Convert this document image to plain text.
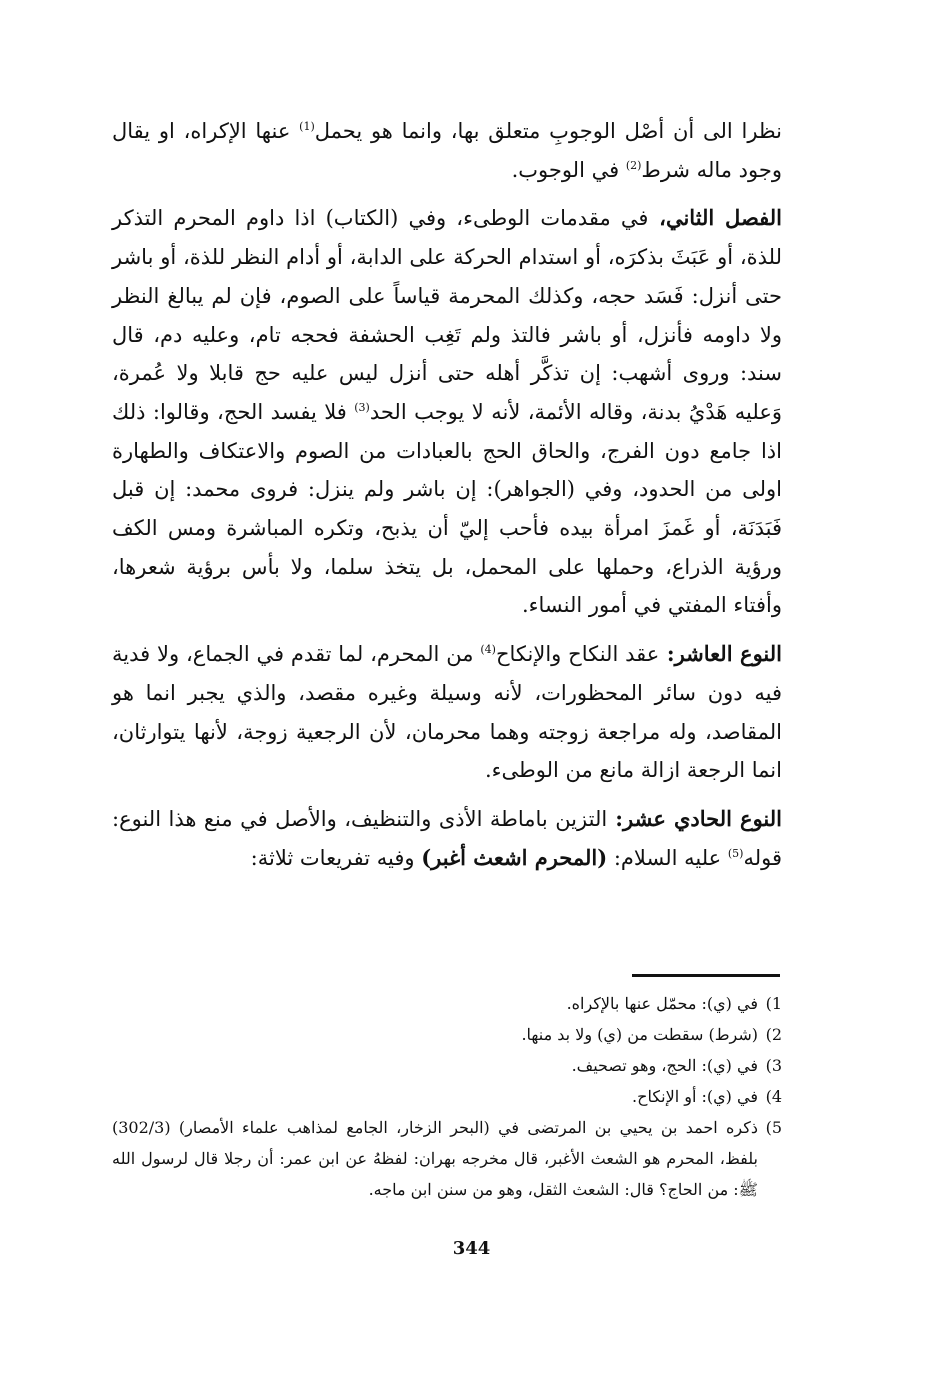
نظرا الى أن أصْل الوجوبِ متعلق بها، وانما هو يحمل$^{(1)}$ عنها الإكراه، او يقال وجود ماله شرط$^{(2)}$ في الوجوب.

الفصل الثاني، في مقدمات الوطىء، وفي (الكتاب) اذا داوم المحرم التذكر للذة، أو عَبَثَ بذكرَه، أو استدام الحركة على الدابة، أو أدام النظر للذة، أو باشر حتى أنزل: فَسَد حجه، وكذلك المحرمة قياساً على الصوم، فإن لم يبالغ النظر ولا داومه فأنزل، أو باشر فالتذ ولم تَغِب الحشفة فحجه تام، وعليه دم، قال سند: وروى أشهب: إن تذكَّر أهله حتى أنزل ليس عليه حج قابلا ولا عُمرة، وَعليه هَدْيُ بدنة، وقاله الأئمة، لأنه لا يوجب الحد$^{(3)}$ فلا يفسد الحج، وقالوا: ذلك اذا جامع دون الفرج، والحاق الحج بالعبادات من الصوم والاعتكاف والطهارة اولى من الحدود، وفي (الجواهر): إن باشر ولم ينزل: فروى محمد: إن قبل فَبَدَنَة، أو غَمزَ امرأة بيده فأحب إليّ أن يذبح، وتكره المباشرة ومس الكف ورؤية الذراع، وحملها على المحمل، بل يتخذ سلما، ولا بأس برؤية شعرها، وأفتاء المفتي في أمور النساء.

النوع العاشر: عقد النكاح والإنكاح$^{(4)}$ من المحرم، لما تقدم في الجماع، ولا فدية فيه دون سائر المحظورات، لأنه وسيلة وغيره مقصد، والذي يجبر انما هو المقاصد، وله مراجعة زوجته وهما محرمان، لأن الرجعية زوجة، لأنها يتوارثان، انما الرجعة ازالة مانع من الوطىء.

النوع الحادي عشر: التزين باماطة الأذى والتنظيف، والأصل في منع هذا النوع: قوله$^{(5)}$ عليه السلام: (المحرم اشعث أغبر) وفيه تفريعات ثلاثة:

1)
في (ي): محمّل عنها بالإكراه.
2)
(شرط) سقطت من (ي) ولا بد منها.
3)
في (ي): الحج، وهو تصحيف.
4)
في (ي): أو الإنكاح.
5)
ذكره احمد بن يحيي بن المرتضى في (البحر الزخار، الجامع لمذاهب علماء الأمصار) (302/3) بلفظ، المحرم هو الشعث الأغبر، قال مخرجه بهران: لفظهُ عن ابن عمر: أن رجلا قال لرسول الله ﷺ: من الحاج؟ قال: الشعث الثقل، وهو من سنن ابن ماجه.
344
